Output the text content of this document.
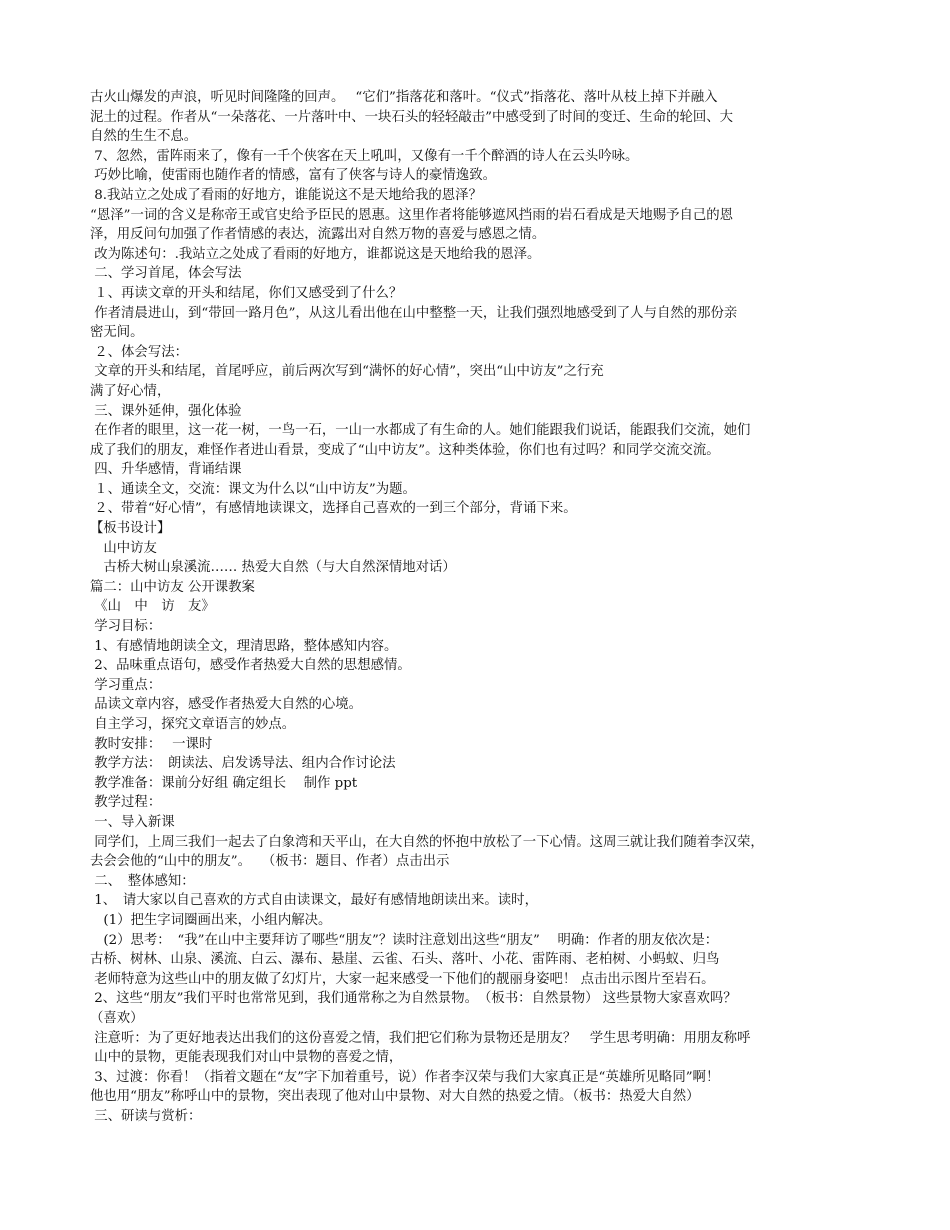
古火山爆发的声浪，听见时间隆隆的回声。　 “它们”指落花和落叶。“仪式”指落花、落叶从枝上掉下并融入
泥土的过程。作者从“一朵落花、一片落叶中、一块石头的轻轻敲击”中感受到了时间的变迁、生命的轮回、大
自然的生生不息。
7、忽然，雷阵雨来了，像有一千个侠客在天上吼叫，又像有一千个醉酒的诗人在云头吟咏。
巧妙比喻，使雷雨也随作者的情感，富有了侠客与诗人的豪情逸致。
8.我站立之处成了看雨的好地方，谁能说这不是天地给我的恩泽？
“恩泽”一词的含义是称帝王或官史给予臣民的恩惠。这里作者将能够遮风挡雨的岩石看成是天地赐予自己的恩
泽，用反问句加强了作者情感的表达，流露出对自然万物的喜爱与感恩之情。
改为陈述句：.我站立之处成了看雨的好地方，谁都说这是天地给我的恩泽。
二、学习首尾，体会写法
１、再读文章的开头和结尾，你们又感受到了什么？
作者清晨进山，到“带回一路月色”，从这儿看出他在山中整整一天，让我们强烈地感受到了人与自然的那份亲
密无间。
２、体会写法：
文章的开头和结尾，首尾呼应，前后两次写到“满怀的好心情”，突出“山中访友”之行充
满了好心情，
三、课外延伸，强化体验
在作者的眼里，这一花一树，一鸟一石，一山一水都成了有生命的人。她们能跟我们说话，能跟我们交流，她们
成了我们的朋友，难怪作者进山看景，变成了“山中访友”。这种类体验，你们也有过吗？和同学交流交流。
四、升华感情，背诵结课
１、通读全文，交流：课文为什么以“山中访友”为题。
２、带着“好心情”，有感情地读课文，选择自己喜欢的一到三个部分，背诵下来。
【板书设计】
　山中访友
　古桥大树山泉溪流…… 热爱大自然（与大自然深情地对话）
篇二：山中访友 公开课教案
《山　中　访　友》
学习目标：
1、有感情地朗读全文，理清思路，整体感知内容。
2、品味重点语句，感受作者热爱大自然的思想感情。
学习重点：
品读文章内容，感受作者热爱大自然的心境。
自主学习，探究文章语言的妙点。
教时安排：　 一课时
教学方法：　朗读法、启发诱导法、组内合作讨论法
教学准备：课前分好组 确定组长　 制作 ppt
教学过程：
一、导入新课
同学们，上周三我们一起去了白象湾和天平山，在大自然的怀抱中放松了一下心情。这周三就让我们随着李汉荣，
去会会他的“山中的朋友”。　 （板书：题目、作者）点击出示
二、　整体感知：
1、　请大家以自己喜欢的方式自由读课文，最好有感情地朗读出来。读时，
　(1）把生字词圈画出来，小组内解决。
　(2）思考：　“我”在山中主要拜访了哪些“朋友”？读时注意划出这些“朋友”　 明确：作者的朋友依次是：
古桥、树林、山泉、溪流、白云、瀑布、悬崖、云雀、石头、落叶、小花、雷阵雨、老柏树、小蚂蚁、归鸟
老师特意为这些山中的朋友做了幻灯片，大家一起来感受一下他们的靓丽身姿吧！ 点击出示图片至岩石。
2、这些“朋友”我们平时也常常见到，我们通常称之为自然景物。　（板书：自然景物） 这些景物大家喜欢吗？
（喜欢）
注意听：为了更好地表达出我们的这份喜爱之情，我们把它们称为景物还是朋友？　学生思考明确：用朋友称呼
山中的景物，更能表现我们对山中景物的喜爱之情，
3、过渡：你看！（指着文题在“友”字下加着重号，说）作者李汉荣与我们大家真正是“英雄所见略同”啊！
他也用“朋友”称呼山中的景物，突出表现了他对山中景物、对大自然的热爱之情。（板书：热爱大自然）
三、研读与赏析：
